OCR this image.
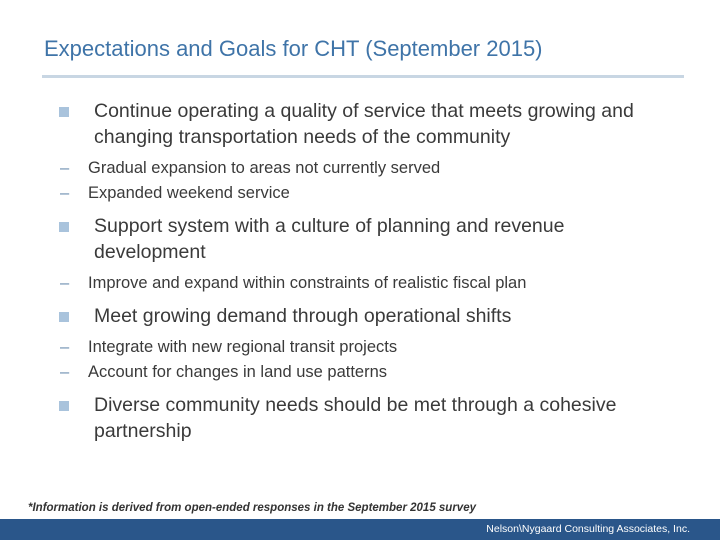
Expectations and Goals for CHT (September 2015)
Continue operating a quality of service that meets growing and changing transportation needs of the community
– Gradual expansion to areas not currently served
– Expanded weekend service
Support system with a culture of planning and revenue development
– Improve and expand within constraints of realistic fiscal plan
Meet growing demand through operational shifts
– Integrate with new regional transit projects
– Account for changes in land use patterns
Diverse community needs should be met through a cohesive partnership
*Information is derived from open-ended responses in the September 2015 survey
Nelson\Nygaard Consulting Associates, Inc.
